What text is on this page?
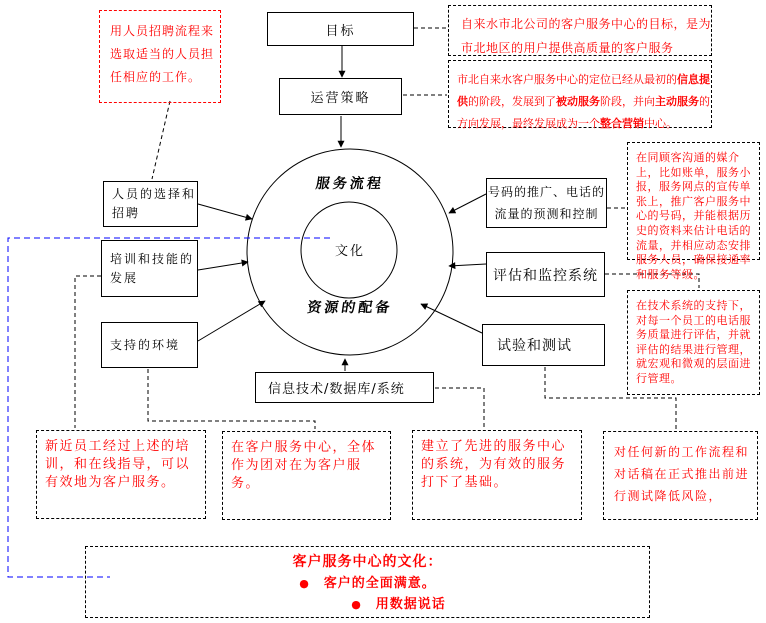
目标
运营策略
人员的选择和招聘
培训和技能的发展
支持的环境
号码的推广、电话的流量的预测和控制
评估和监控系统
试验和测试
信息技术/数据库/系统
服务流程
文化
资源的配备
用人员招聘流程来选取适当的人员担任相应的工作。
自来水市北公司的客户服务中心的目标，是为市北地区的用户提供高质量的客户服务
市北自来水客户服务中心的定位已经从最初的信息提供的阶段，发展到了被动服务阶段，并向主动服务的方向发展，最终发展成为一个整合营销中心。
在同顾客沟通的媒介上，比如账单，服务小报，服务网点的宣传单张上，推广客户服务中心的号码，并能根据历史的资料来估计电话的流量，并相应动态安排服务人员，确保接通率和服务等级。
在技术系统的支持下，对每一个员工的电话服务质量进行评估，并就评估的结果进行管理，就宏观和微观的层面进行管理。
新近员工经过上述的培训，和在线指导，可以有效地为客户服务。
在客户服务中心，全体作为团对在为客户服务。
建立了先进的服务中心的系统，为有效的服务打下了基础。
对任何新的工作流程和对话稿在正式推出前进行测试降低风险，
客户服务中心的文化：
● 客户的全面满意。
● 用数据说话
